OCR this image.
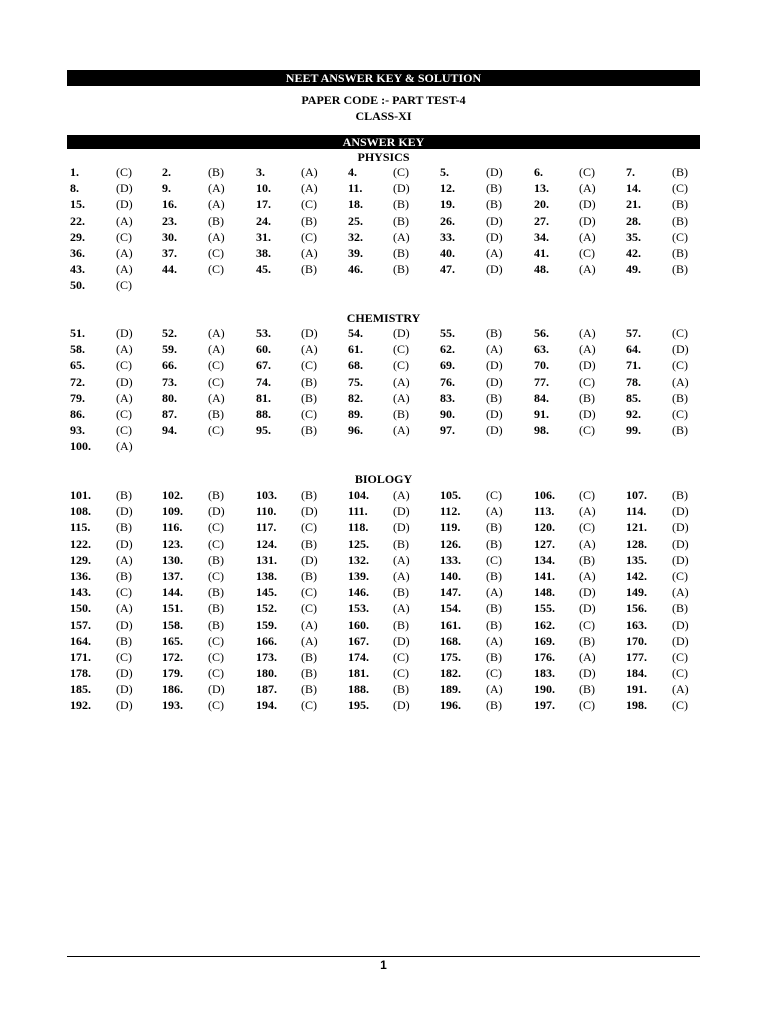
NEET ANSWER KEY & SOLUTION
PAPER CODE :- PART TEST-4
CLASS-XI
ANSWER KEY
PHYSICS
1.	(C)	2.	(B)	3.	(A)	4.	(C)	5.	(D)	6.	(C)	7.	(B)
8.	(D) 9.	(A)	10.	(A)	11.	(D)	12.	(B)	13.	(A)	14.	(C)
15.	(D) 16.	(A)	17.	(C)	18.	(B)	19.	(B)	20.	(D)	21.	(B)
22.	(A) 23.	(B)	24.	(B)	25.	(B)	26.	(D)	27.	(D)	28.	(B)
29.	(C)	30.	(A)	31.	(C)	32.	(A)	33.	(D)	34.	(A)	35.	(C)
36.	(A) 37.	(C)	38.	(A)	39.	(B)	40.	(A)	41.	(C)	42.	(B)
43.	(A) 44.	(C)	45.	(B)	46.	(B)	47.	(D)	48.	(A)	49.	(B)
50.	(C)
CHEMISTRY
51.	(D) 52.	(A)	53.	(D)	54.	(D)	55.	(B)	56.	(A)	57.	(C)
58.	(A) 59.	(A)	60.	(A)	61.	(C)	62.	(A)	63.	(A)	64.	(D)
65.	(C)	66.	(C)	67.	(C)	68.	(C)	69.	(D)	70.	(D)	71.	(C)
72.	(D) 73.	(C)	74.	(B)	75.	(A)	76.	(D)	77.	(C)	78.	(A)
79.	(A) 80.	(A)	81.	(B)	82.	(A)	83.	(B)	84.	(B)	85.	(B)
86.	(C)	87.	(B)	88.	(C)	89.	(B)	90.	(D)	91.	(D)	92.	(C)
93.	(C)	94.	(C)	95.	(B)	96.	(A)	97.	(D)	98.	(C)	99.	(B)
100. (A)
BIOLOGY
101. (B)	102. (B)	103. (B)	104. (A)	105. (C)	106. (C)	107. (B)
108. (D) 109. (D)	110. (D)	111. (D)	112. (A)	113. (A)	114. (D)
115. (B)	116. (C)	117. (C)	118. (D)	119. (B)	120. (C)	121. (D)
122. (D) 123. (C)	124. (B)	125. (B)	126. (B)	127. (A)	128. (D)
129. (A) 130. (B)	131. (D)	132. (A)	133. (C)	134. (B)	135. (D)
136. (B)	137. (C)	138. (B)	139. (A)	140. (B)	141. (A)	142. (C)
143. (C)	144. (B)	145. (C)	146. (B)	147. (A)	148. (D)	149. (A)
150. (A) 151. (B)	152. (C)	153. (A)	154. (B)	155. (D)	156. (B)
157. (D) 158. (B)	159. (A)	160. (B)	161. (B)	162. (C)	163. (D)
164. (B)	165. (C)	166. (A)	167. (D)	168. (A)	169. (B)	170. (D)
171. (C)	172. (C)	173. (B)	174. (C)	175. (B)	176. (A)	177. (C)
178. (D) 179. (C)	180. (B)	181. (C)	182. (C)	183. (D)	184. (C)
185. (D) 186. (D)	187. (B)	188. (B)	189. (A)	190. (B)	191. (A)
192. (D) 193. (C)	194. (C)	195. (D)	196. (B)	197. (C)	198. (C)
1
